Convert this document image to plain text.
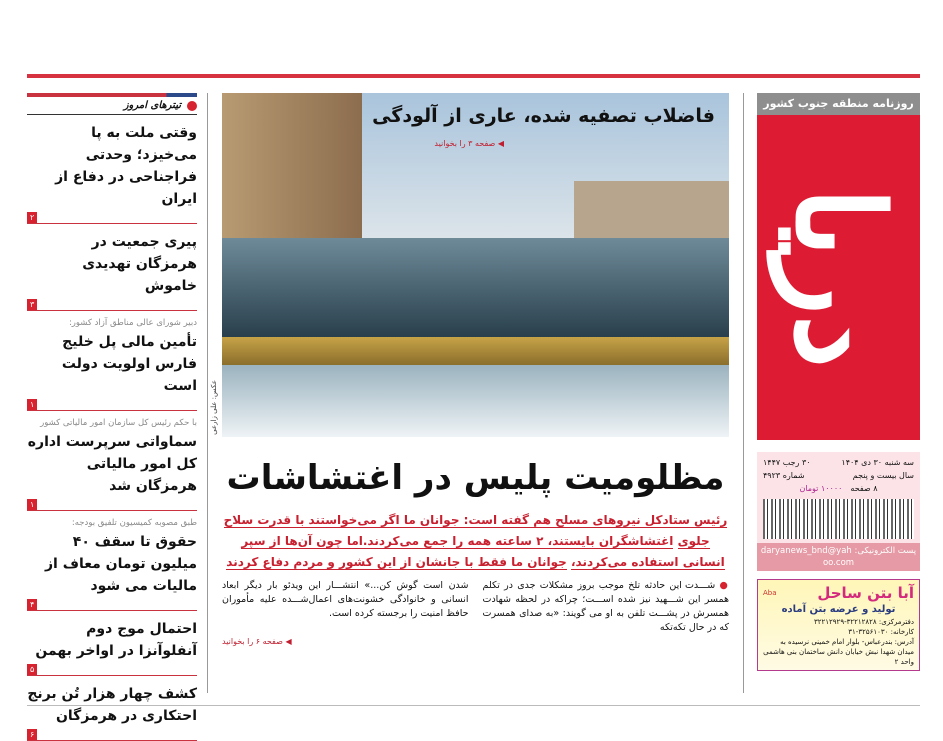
تیترهای امروز
وقتی ملت به پا می‌خیزد؛ وحدتی فراجناحی در دفاع از ایران
۲
پیری جمعیت در هرمزگان تهدیدی خاموش
۳
دبیر شورای عالی مناطق آزاد کشور:
تأمین مالی پل خلیج فارس اولویت دولت است
۱
با حکم رئیس کل سازمان امور مالیاتی کشور
سماواتی سرپرست اداره کل امور مالیاتی هرمزگان شد
۱
طبق مصوبه کمیسیون تلفیق بودجه:
حقوق تا سقف ۴۰ میلیون تومان معاف از مالیات می شود
۴
احتمال موج دوم آنفلوآنزا در اواخر بهمن
۵
کشف چهار هزار تُن برنج احتکاری در هرمزگان
۶
فاضلاب تصفیه شده، عاری از آلودگی
◀ صفحه ۳ را بخوانید
عکس: علی زارعی
مظلومیت پلیس در اغتشاشات
رئیس ستادکل نیروهای مسلح هم گفته است: جوانان ما اگر می‌خواستند با قدرت سلاح جلوی اغتشاشگران بایستند، ۲ ساعته همه را جمع می‌کردند.اما چون آن‌ها از سپر انسانی استفاده می‌کردند، جوانان ما فقط با جانشان از این کشور و مردم دفاع کردند
● شـــدت این حادثه تلخ موجب بروز مشکلات جدی در تکلم همسر این شـــهید نیز شده اســـت؛ چراکه در لحظه شهادت همسرش در پشـــت تلفن به او می گویند: «به صدای همسرت که در حال تکه‌تکه
شدن است گوش کن...» انتشـــار این ویدئو بار دیگر ابعاد انسانی و خانوادگی خشونت‌های اعمال‌شـــده علیه مأموران حافظ امنیت را برجسته کرده است.
◀ صفحه ۶ را بخوانید
روزنامه منطقه جنوب کشور
دریا
سه شنبه ۳۰ دی ۱۴۰۴
۳۰ رجب ۱۴۴۷
سال بیست و پنجم
شماره ۴۹۲۳
۸ صفحه
۱۰۰۰۰ تومان
پست الکترونیکی: daryanews_bnd@yahoo.com
آبا بتن ساحل
Aba
تولید و عرضه بتن آماده
دفترمرکزی: ۳۲۲۱۲۸۲۸-۳۲۲۱۲۹۲۹
کارخانه: ۳۲۵۶۱۰۳۰-۳۱
آدرس: بندرعباس- بلوار امام خمینی نرسیده به میدان شهدا نبش خیابان دانش ساختمان بنی هاشمی واحد ۲
